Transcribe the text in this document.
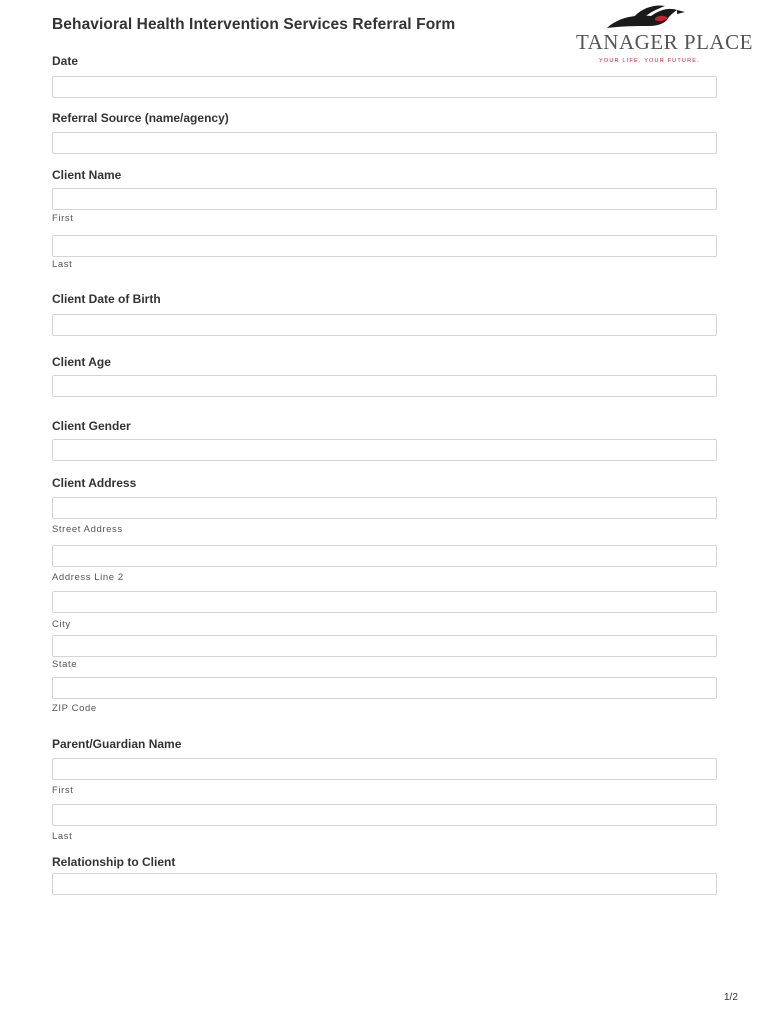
Behavioral Health Intervention Services Referral Form
TANAGER PLACE
YOUR LIFE. YOUR FUTURE.
Date
Referral Source (name/agency)
Client Name
First
Last
Client Date of Birth
Client Age
Client Gender
Client Address
Street Address
Address Line 2
City
State
ZIP Code
Parent/Guardian Name
First
Last
Relationship to Client
1/2
